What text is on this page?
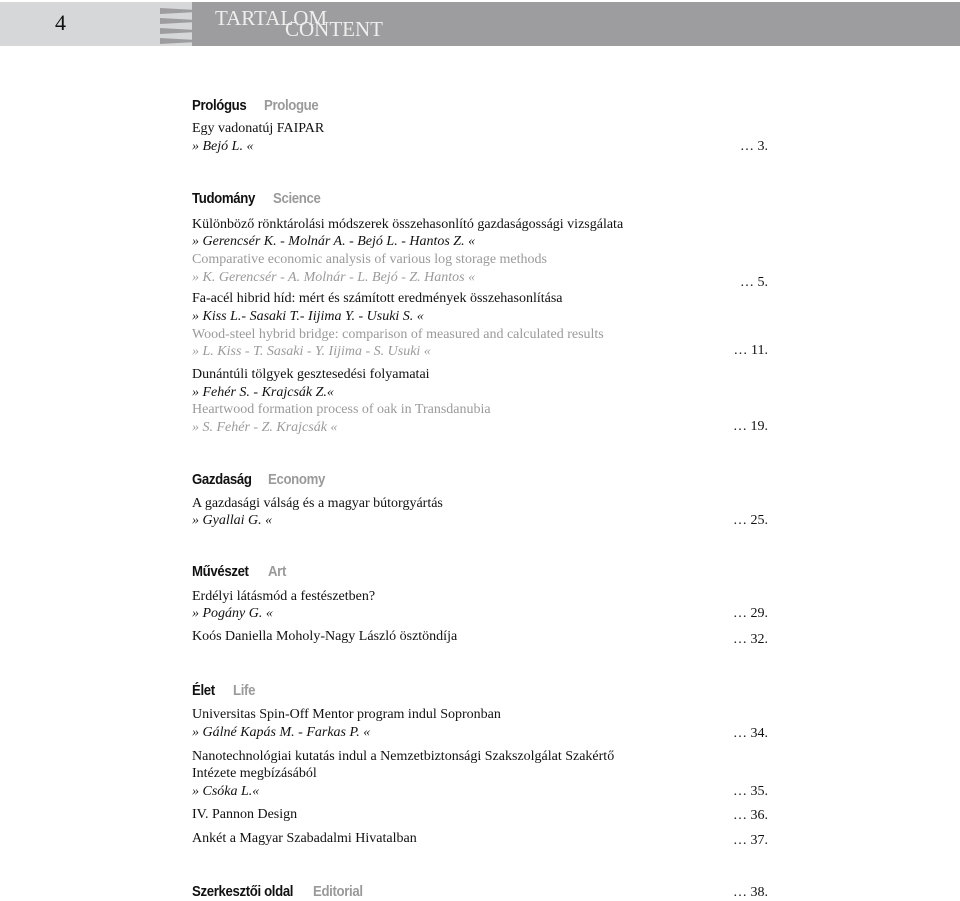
4	TARTALOM
CONTENT
Prológus Prologue
Egy vadonatúj FAIPAR
» Bejó L. «	… 3.
Tudomány Science
Különböző rönktárolási módszerek összehasonlító gazdaságossági vizsgálata
» Gerencsér K. - Molnár A. - Bejó L. - Hantos Z. «
Comparative economic analysis of various log storage methods
» K. Gerencsér - A. Molnár - L. Bejó - Z. Hantos «	… 5.
Fa-acél hibrid híd: mért és számított eredmények összehasonlítása
» Kiss L.- Sasaki T.- Iijima Y. - Usuki S. «
Wood-steel hybrid bridge: comparison of measured and calculated results
» L. Kiss - T. Sasaki - Y. Iijima - S. Usuki «	… 11.
Dunántúli tölgyek gesztesedési folyamatai
» Fehér S. - Krajcsák Z.«
Heartwood formation process of oak in Transdanubia
» S. Fehér - Z. Krajcsák «	… 19.
Gazdaság Economy
A gazdasági válság és a magyar bútorgyártás
» Gyallai G. «	… 25.
Művészet Art
Erdélyi látásmód a festészetben?
» Pogány G. «	… 29.
Koós Daniella Moholy-Nagy László ösztöndíja	… 32.
Élet Life
Universitas Spin-Off Mentor program indul Sopronban
» Gálné Kapás M. - Farkas P. «	… 34.
Nanotechnológiai kutatás indul a Nemzetbiztonsági Szakszolgálat Szakértő
Intézete megbízásából
» Csóka L.«	… 35.
IV. Pannon Design	… 36.
Ankét a Magyar Szabadalmi Hivatalban	… 37.
Szerkesztői oldal Editorial	… 38.
